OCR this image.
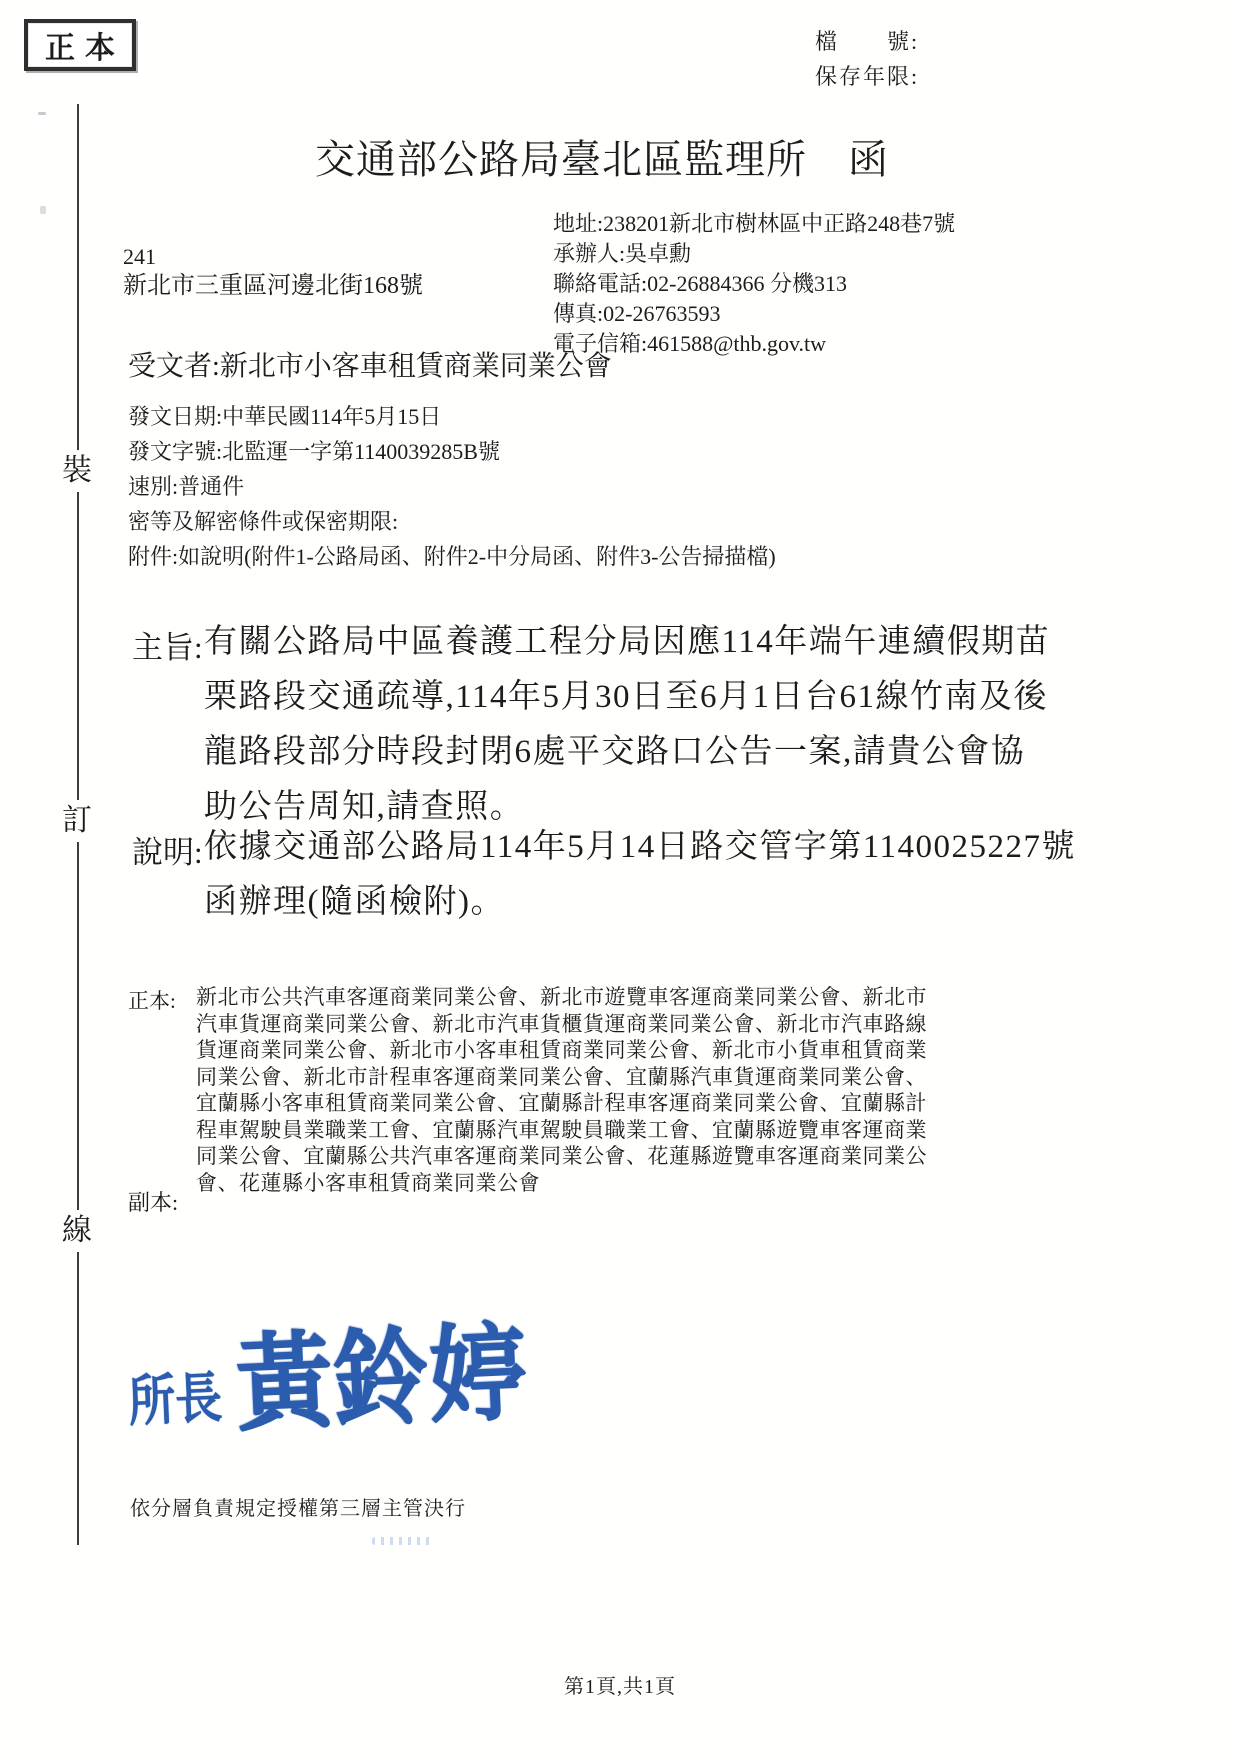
正本	檔　　號:
保存年限:
交通部公路局臺北區監理所　函
裝
訂
線
241
新北市三重區河邊北街168號
地址:238201新北市樹林區中正路248巷7號
承辦人:吳卓勳
聯絡電話:02-26884366 分機313
傳真:02-26763593
電子信箱:461588@thb.gov.tw
受文者:新北市小客車租賃商業同業公會
發文日期:中華民國114年5月15日
發文字號:北監運一字第1140039285B號
速別:普通件
密等及解密條件或保密期限:
附件:如說明(附件1-公路局函、附件2-中分局函、附件3-公告掃描檔)
主旨: 有關公路局中區養護工程分局因應114年端午連續假期苗
栗路段交通疏導,114年5月30日至6月1日台61線竹南及後
龍路段部分時段封閉6處平交路口公告一案,請貴公會協
助公告周知,請查照。
說明: 依據交通部公路局114年5月14日路交管字第1140025227號
函辦理(隨函檢附)。
正本: 新北市公共汽車客運商業同業公會、新北市遊覽車客運商業同業公會、新北市
汽車貨運商業同業公會、新北市汽車貨櫃貨運商業同業公會、新北市汽車路線
貨運商業同業公會、新北市小客車租賃商業同業公會、新北市小貨車租賃商業
同業公會、新北市計程車客運商業同業公會、宜蘭縣汽車貨運商業同業公會、
宜蘭縣小客車租賃商業同業公會、宜蘭縣計程車客運商業同業公會、宜蘭縣計
程車駕駛員業職業工會、宜蘭縣汽車駕駛員職業工會、宜蘭縣遊覽車客運商業
同業公會、宜蘭縣公共汽車客運商業同業公會、花蓮縣遊覽車客運商業同業公
會、花蓮縣小客車租賃商業同業公會
副本:
所長 黃鈴婷
依分層負責規定授權第三層主管決行
第1頁,共1頁
